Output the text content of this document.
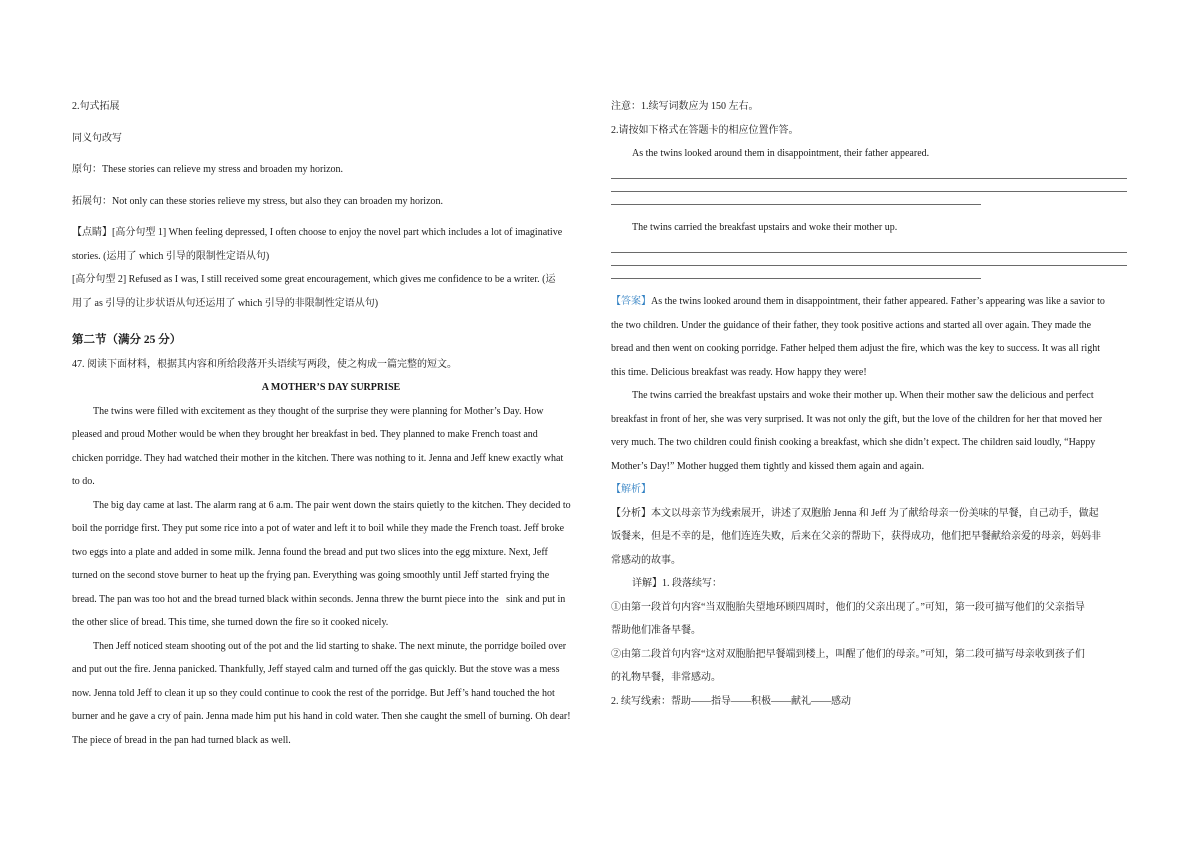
2.句式拓展

同义句改写

原句：These stories can relieve my stress and broaden my horizon.

拓展句：Not only can these stories relieve my stress, but also they can broaden my horizon.

【点睛】[高分句型 1] When feeling depressed, I often choose to enjoy the novel part which includes a lot of imaginative

stories. (运用了 which 引导的限制性定语从句)

[高分句型 2] Refused as I was, I still received some great encouragement, which gives me confidence to be a writer. (运

用了 as 引导的让步状语从句还运用了 which 引导的非限制性定语从句)

第二节（满分 25 分）

47. 阅读下面材料，根据其内容和所给段落开头语续写两段，使之构成一篇完整的短文。

A MOTHER’S DAY SURPRISE

The twins were filled with excitement as they thought of the surprise they were planning for Mother’s Day. How

pleased and proud Mother would be when they brought her breakfast in bed. They planned to make French toast and

chicken porridge. They had watched their mother in the kitchen. There was nothing to it. Jenna and Jeff knew exactly what

to do.

The big day came at last. The alarm rang at 6 a.m. The pair went down the stairs quietly to the kitchen. They decided to

boil the porridge first. They put some rice into a pot of water and left it to boil while they made the French toast. Jeff broke

two eggs into a plate and added in some milk. Jenna found the bread and put two slices into the egg mixture. Next, Jeff

turned on the second stove burner to heat up the frying pan. Everything was going smoothly until Jeff started frying the

bread. The pan was too hot and the bread turned black within seconds. Jenna threw the burnt piece into the   sink and put in

the other slice of bread. This time, she turned down the fire so it cooked nicely.

Then Jeff noticed steam shooting out of the pot and the lid starting to shake. The next minute, the porridge boiled over

and put out the fire. Jenna panicked. Thankfully, Jeff stayed calm and turned off the gas quickly. But the stove was a mess

now. Jenna told Jeff to clean it up so they could continue to cook the rest of the porridge. But Jeff’s hand touched the hot

burner and he gave a cry of pain. Jenna made him put his hand in cold water. Then she caught the smell of burning. Oh dear!

The piece of bread in the pan had turned black as well.

注意：1.续写词数应为 150 左右。

2.请按如下格式在答题卡的相应位置作答。

As the twins looked around them in disappointment, their father appeared.

The twins carried the breakfast upstairs and woke their mother up.

【答案】As the twins looked around them in disappointment, their father appeared. Father’s appearing was like a savior to

the two children. Under the guidance of their father, they took positive actions and started all over again. They made the

bread and then went on cooking porridge. Father helped them adjust the fire, which was the key to success. It was all right

this time. Delicious breakfast was ready. How happy they were!

The twins carried the breakfast upstairs and woke their mother up. When their mother saw the delicious and perfect

breakfast in front of her, she was very surprised. It was not only the gift, but the love of the children for her that moved her

very much. The two children could finish cooking a breakfast, which she didn’t expect. The children said loudly, “Happy

Mother’s Day!” Mother hugged them tightly and kissed them again and again.

【解析】

【分析】本文以母亲节为线索展开，讲述了双胞胎 Jenna 和 Jeff 为了献给母亲一份美味的早餐，自己动手，做起

饭餐来，但是不幸的是，他们连连失败，后来在父亲的帮助下，获得成功，他们把早餐献给亲爱的母亲，妈妈非

常感动的故事。

详解】1. 段落续写：

①由第一段首句内容“当双胞胎失望地环顾四周时，他们的父亲出现了。”可知，第一段可描写他们的父亲指导

帮助他们准备早餐。

②由第二段首句内容“这对双胞胎把早餐端到楼上，叫醒了他们的母亲。”可知，第二段可描写母亲收到孩子们

的礼物早餐，非常感动。

2. 续写线索：帮助——指导——积极——献礼——感动
